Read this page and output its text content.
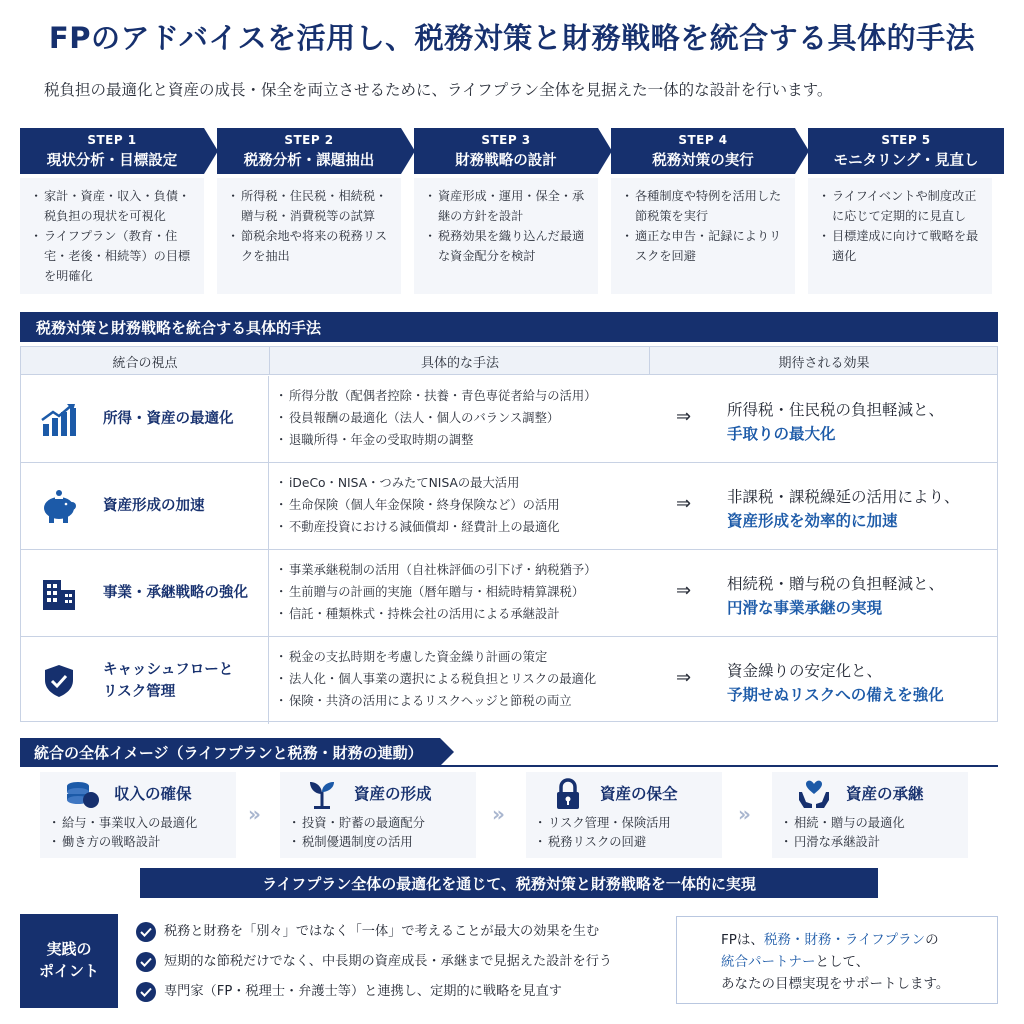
FPのアドバイスを活用し、税務対策と財務戦略を統合する具体的手法
税負担の最適化と資産の成長・保全を両立させるために、ライフプラン全体を見据えた一体的な設計を行います。
STEP 1
現状分析・目標設定
・ 家計・資産・収入・負債・税負担の現状を可視化
・ ライフプラン（教育・住宅・老後・相続等）の目標を明確化
STEP 2
税務分析・課題抽出
・ 所得税・住民税・相続税・贈与税・消費税等の試算
・ 節税余地や将来の税務リスクを抽出
STEP 3
財務戦略の設計
・ 資産形成・運用・保全・承継の方針を設計
・ 税務効果を織り込んだ最適な資金配分を検討
STEP 4
税務対策の実行
・ 各種制度や特例を活用した節税策を実行
・ 適正な申告・記録によりリスクを回避
STEP 5
モニタリング・見直し
・ ライフイベントや制度改正に応じて定期的に見直し
・ 目標達成に向けて戦略を最適化
税務対策と財務戦略を統合する具体的手法
統合の視点	具体的な手法	期待される効果
所得・資産の最適化
・ 所得分散（配偶者控除・扶養・青色専従者給与の活用）
・ 役員報酬の最適化（法人・個人のバランス調整）
・ 退職所得・年金の受取時期の調整
⇒ 所得税・住民税の負担軽減と、
手取りの最大化
資産形成の加速
・ iDeCo・NISA・つみたてNISAの最大活用
・ 生命保険（個人年金保険・終身保険など）の活用
・ 不動産投資における減価償却・経費計上の最適化
⇒ 非課税・課税繰延の活用により、
資産形成を効率的に加速
事業・承継戦略の強化
・ 事業承継税制の活用（自社株評価の引下げ・納税猶予）
・ 生前贈与の計画的実施（暦年贈与・相続時精算課税）
・ 信託・種類株式・持株会社の活用による承継設計
⇒ 相続税・贈与税の負担軽減と、
円滑な事業承継の実現
キャッシュフローと
リスク管理
・ 税金の支払時期を考慮した資金繰り計画の策定
・ 法人化・個人事業の選択による税負担とリスクの最適化
・ 保険・共済の活用によるリスクヘッジと節税の両立
⇒ 資金繰りの安定化と、
予期せぬリスクへの備えを強化
統合の全体イメージ（ライフプランと税務・財務の連動）
収入の確保
・ 給与・事業収入の最適化
・ 働き方の戦略設計
»
資産の形成
・ 投資・貯蓄の最適配分
・ 税制優遇制度の活用
»
資産の保全
・ リスク管理・保険活用
・ 税務リスクの回避
»
資産の承継
・ 相続・贈与の最適化
・ 円滑な承継設計
ライフプラン全体の最適化を通じて、税務対策と財務戦略を一体的に実現
実践の
ポイント
税務と財務を「別々」ではなく「一体」で考えることが最大の効果を生む
短期的な節税だけでなく、中長期の資産成長・承継まで見据えた設計を行う
専門家（FP・税理士・弁護士等）と連携し、定期的に戦略を見直す
FPは、税務・財務・ライフプランの
統合パートナーとして、
あなたの目標実現をサポートします。
